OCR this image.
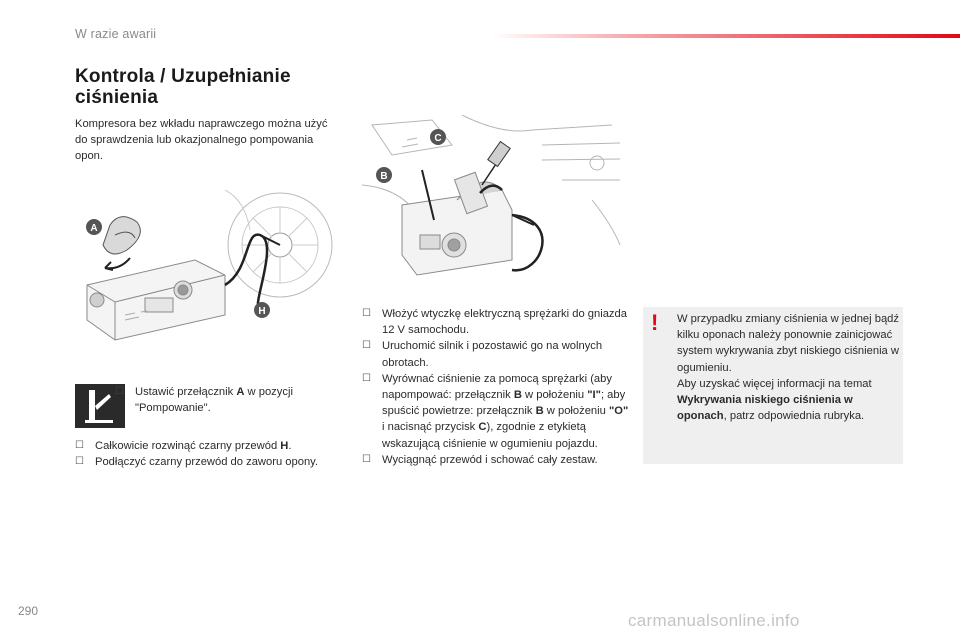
W razie awarii
Kontrola / Uzupełnianie ciśnienia
Kompresora bez wkładu naprawczego można użyć do sprawdzenia lub okazjonalnego pompowania opon.
A
H
C
B
☐ Ustawić przełącznik A w pozycji "Pompowanie".
☐ Całkowicie rozwinąć czarny przewód H.
☐ Podłączyć czarny przewód do zaworu opony.
☐ Włożyć wtyczkę elektryczną sprężarki do gniazda 12 V samochodu.
☐ Uruchomić silnik i pozostawić go na wolnych obrotach.
☐ Wyrównać ciśnienie za pomocą sprężarki (aby napompować: przełącznik B w położeniu "I"; aby spuścić powietrze: przełącznik B w położeniu "O" i nacisnąć przycisk C), zgodnie z etykietą wskazującą ciśnienie w ogumieniu pojazdu.
☐ Wyciągnąć przewód i schować cały zestaw.
! W przypadku zmiany ciśnienia w jednej bądź kilku oponach należy ponownie zainicjować system wykrywania zbyt niskiego ciśnienia w ogumieniu.
Aby uzyskać więcej informacji na temat Wykrywania niskiego ciśnienia w oponach, patrz odpowiednia rubryka.
290	carmanualsonline.info
